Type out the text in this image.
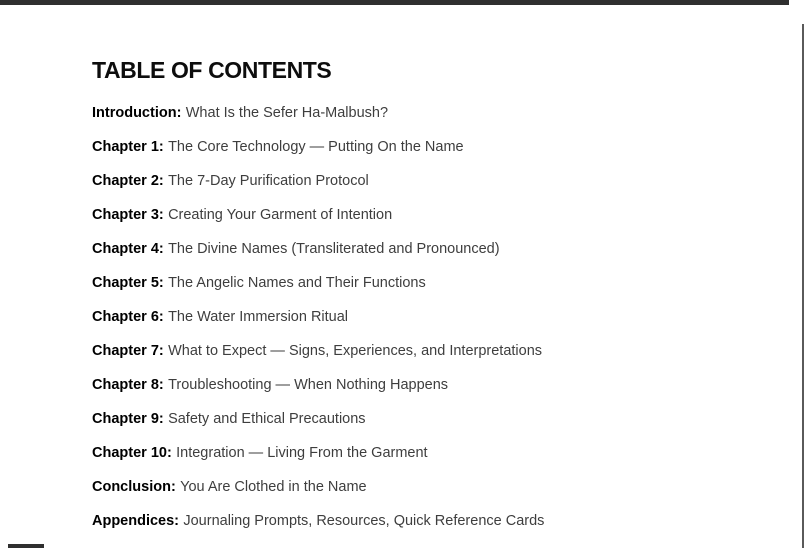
TABLE OF CONTENTS
Introduction: What Is the Sefer Ha-Malbush?
Chapter 1: The Core Technology — Putting On the Name
Chapter 2: The 7-Day Purification Protocol
Chapter 3: Creating Your Garment of Intention
Chapter 4: The Divine Names (Transliterated and Pronounced)
Chapter 5: The Angelic Names and Their Functions
Chapter 6: The Water Immersion Ritual
Chapter 7: What to Expect — Signs, Experiences, and Interpretations
Chapter 8: Troubleshooting — When Nothing Happens
Chapter 9: Safety and Ethical Precautions
Chapter 10: Integration — Living From the Garment
Conclusion: You Are Clothed in the Name
Appendices: Journaling Prompts, Resources, Quick Reference Cards
